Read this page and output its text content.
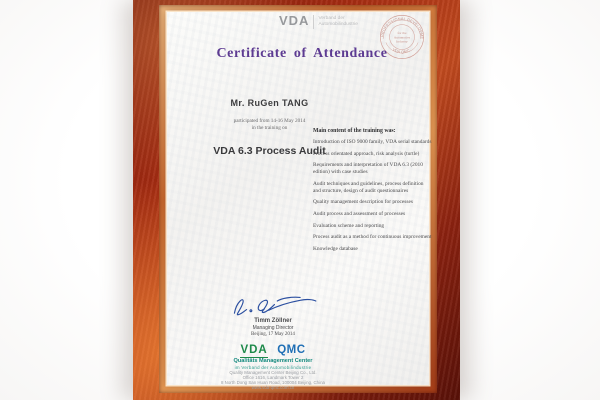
VDA Verband der
Automobilindustrie
PROFESSIONAL DEVELOPME
VDA QMC
for the
Automotive
Industry
Certificate of Attendance
Mr. RuGen TANG
participated from 14-16 May 2014
in the training on
VDA 6.3 Process Audit
Main content of the training was:
Introduction of ISO 9000 family, VDA serial standards
Process orientated approach, risk analysis (turtle)
Requirements and interpretation of VDA 6.3 (2010 edition) with case studies
Audit techniques and guidelines, process definition and structure, design of audit questionnaires
Quality management description for processes
Audit process and assessment of processes
Evaluation scheme and reporting
Process audit as a method for continuous improvement
Knowledge database
Timm Zöllner
Managing Director
Beijing, 17 May 2014
VDA QMC
Qualitäts Management Center
im Verband der Automobilindustrie
Quality Management Center Beijing Co., Ltd.
Office 1616, Landmark Tower 2
8 North Dong San Huan Road, 100004 Beijing, China
www.vda-qmc.com.cn
